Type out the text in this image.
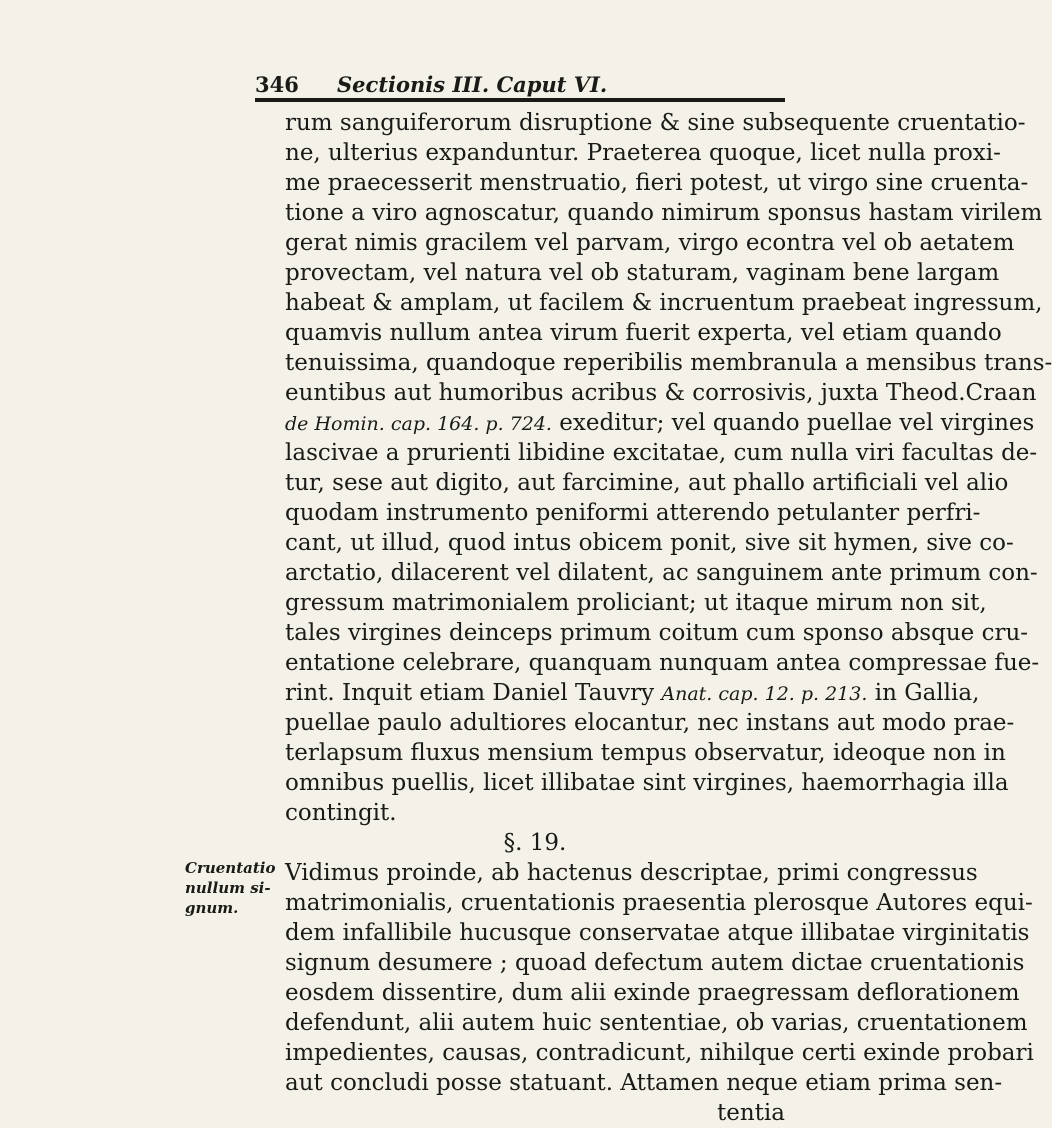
346 Sectionis III. Caput VI.
Cruentatio
nullum si-
gnum.
rum sanguiferorum disruptione & sine subsequente cruentatio-
ne, ulterius expanduntur. Praeterea quoque, licet nulla proxi-
me praecesserit menstruatio, fieri potest, ut virgo sine cruenta-
tione a viro agnoscatur, quando nimirum sponsus hastam virilem
gerat nimis gracilem vel parvam, virgo econtra vel ob aetatem
provectam, vel natura vel ob staturam, vaginam bene largam
habeat & amplam, ut facilem & incruentum praebeat ingressum,
quamvis nullum antea virum fuerit experta, vel etiam quando
tenuissima, quandoque reperibilis membranula a mensibus trans-
euntibus aut humoribus acribus & corrosivis, juxta Theod.Craan
de Homin. cap. 164. p. 724. exeditur; vel quando puellae vel virgines
lascivae a prurienti libidine excitatae, cum nulla viri facultas de-
tur, sese aut digito, aut farcimine, aut phallo artificiali vel alio
quodam instrumento peniformi atterendo petulanter perfri-
cant, ut illud, quod intus obicem ponit, sive sit hymen, sive co-
arctatio, dilacerent vel dilatent, ac sanguinem ante primum con-
gressum matrimonialem proliciant; ut itaque mirum non sit,
tales virgines deinceps primum coitum cum sponso absque cru-
entatione celebrare, quanquam nunquam antea compressae fue-
rint. Inquit etiam Daniel Tauvry Anat. cap. 12. p. 213. in Gallia,
puellae paulo adultiores elocantur, nec instans aut modo prae-
terlapsum fluxus mensium tempus observatur, ideoque non in
omnibus puellis, licet illibatae sint virgines, haemorrhagia illa
contingit.
§. 19.
Vidimus proinde, ab hactenus descriptae, primi congressus
matrimonialis, cruentationis praesentia plerosque Autores equi-
dem infallibile hucusque conservatae atque illibatae virginitatis
signum desumere ; quoad defectum autem dictae cruentationis
eosdem dissentire, dum alii exinde praegressam deflorationem
defendunt, alii autem huic sententiae, ob varias, cruentationem
impedientes, causas, contradicunt, nihilque certi exinde probari
aut concludi posse statuant. Attamen neque etiam prima sen-
tentia
